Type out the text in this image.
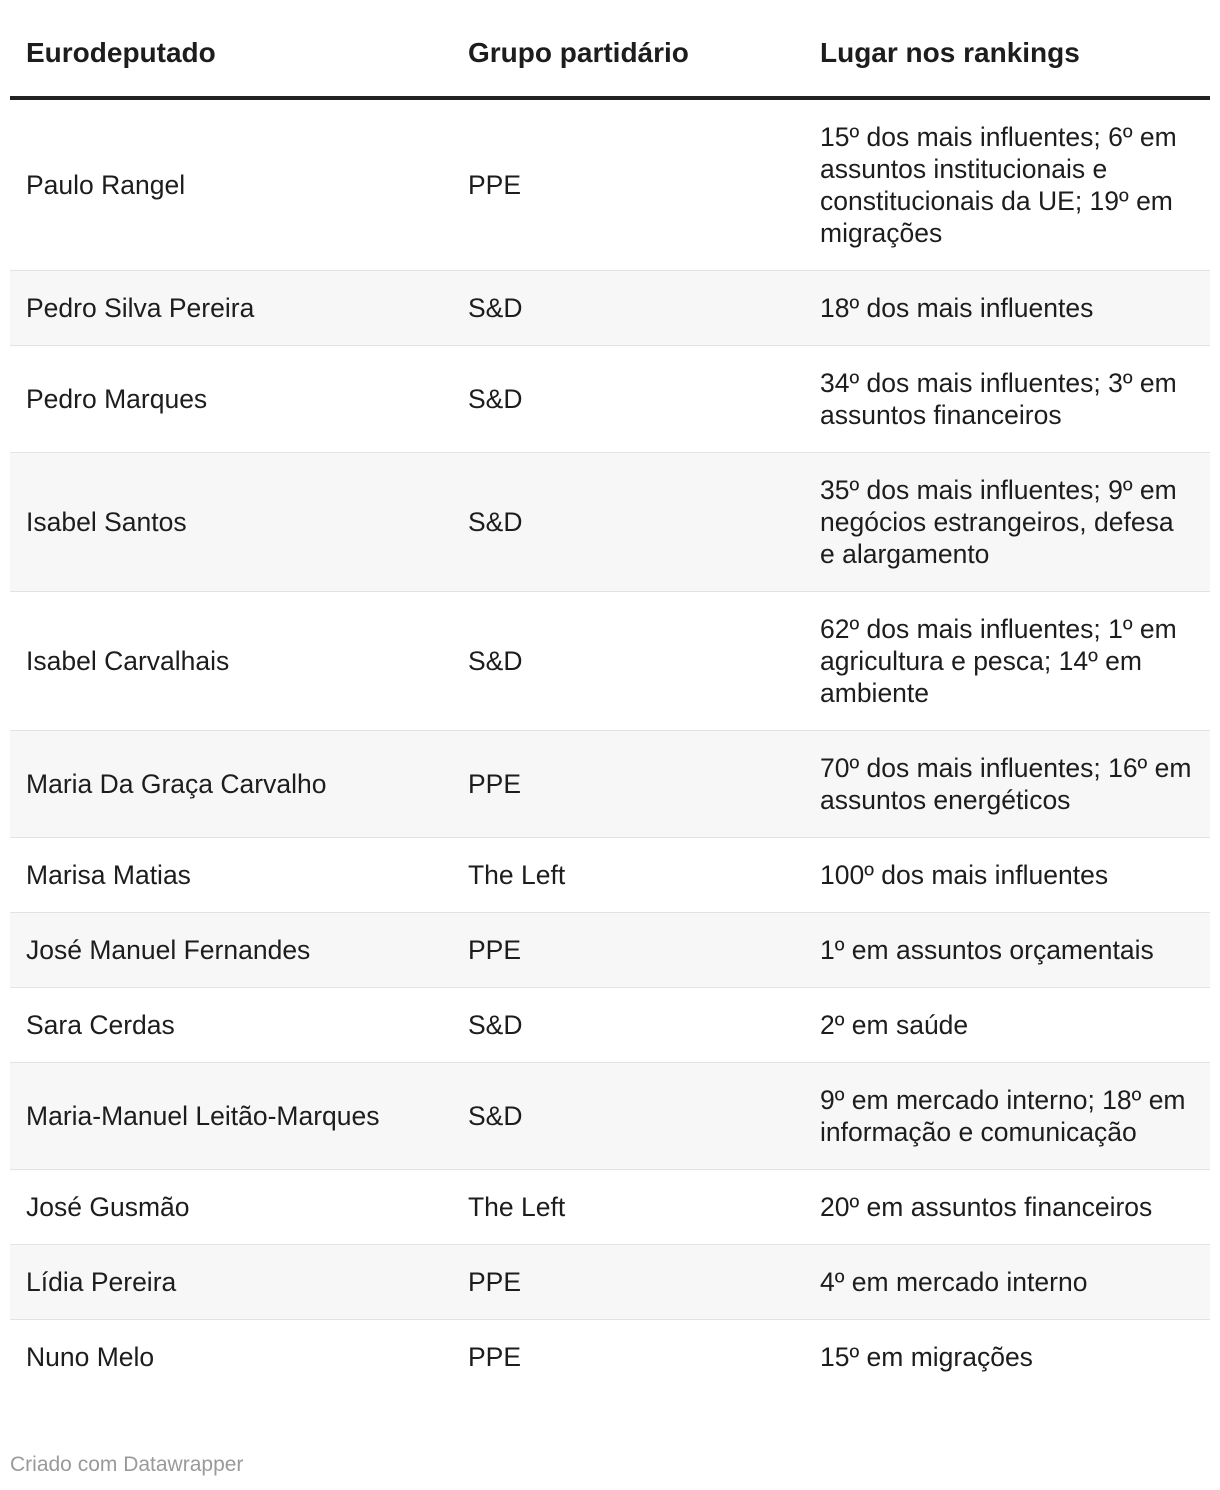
Eurodeputado	Grupo partidário	Lugar nos rankings
Paulo Rangel	PPE	15º dos mais influentes; 6º em assuntos institucionais e constitucionais da UE; 19º em migrações
Pedro Silva Pereira	S&D	18º dos mais influentes
Pedro Marques	S&D	34º dos mais influentes; 3º em assuntos financeiros
Isabel Santos	S&D	35º dos mais influentes; 9º em negócios estrangeiros, defesa e alargamento
Isabel Carvalhais	S&D	62º dos mais influentes; 1º em agricultura e pesca; 14º em ambiente
Maria Da Graça Carvalho	PPE	70º dos mais influentes; 16º em assuntos energéticos
Marisa Matias	The Left	100º dos mais influentes
José Manuel Fernandes	PPE	1º em assuntos orçamentais
Sara Cerdas	S&D	2º em saúde
Maria-Manuel Leitão-Marques	S&D	9º em mercado interno; 18º em informação e comunicação
José Gusmão	The Left	20º em assuntos financeiros
Lídia Pereira	PPE	4º em mercado interno
Nuno Melo	PPE	15º em migrações
Criado com Datawrapper
